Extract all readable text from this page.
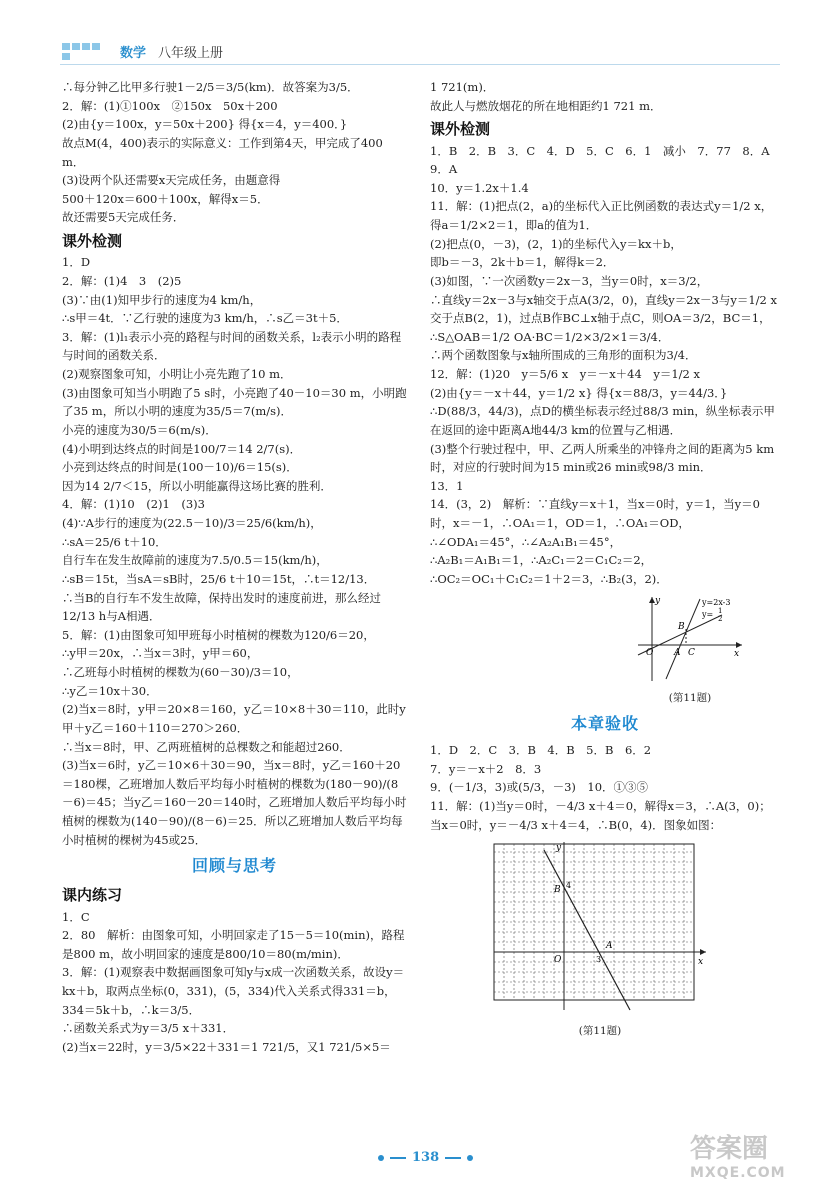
数学 八年级上册

∴每分钟乙比甲多行驶1－2/5＝3/5(km)．故答案为3/5．

2．解：(1)①100x　②150x　50x＋200

(2)由{y＝100x，y＝50x＋200} 得{x＝4，y＝400．}

故点M(4，400)表示的实际意义：工作到第4天，甲完成了400 m．

(3)设两个队还需要x天完成任务，由题意得

500＋120x＝600＋100x，解得x＝5．

故还需要5天完成任务．

课外检测

1．D

2．解：(1)4　3　(2)5

(3)∵由(1)知甲步行的速度为4 km/h，

∴s甲＝4t．∵乙行驶的速度为3 km/h，∴s乙＝3t＋5．

3．解：(1)l₁表示小亮的路程与时间的函数关系，l₂表示小明的路程与时间的函数关系．

(2)观察图象可知，小明让小亮先跑了10 m．

(3)由图象可知当小明跑了5 s时，小亮跑了40－10＝30 m，小明跑了35 m，所以小明的速度为35/5＝7(m/s)．

小亮的速度为30/5＝6(m/s)．

(4)小明到达终点的时间是100/7＝14 2/7(s)．

小亮到达终点的时间是(100－10)/6＝15(s)．

因为14 2/7＜15，所以小明能赢得这场比赛的胜利．

4．解：(1)10　(2)1　(3)3

(4)∵A步行的速度为(22.5－10)/3＝25/6(km/h)，

∴sA＝25/6 t＋10．

自行车在发生故障前的速度为7.5/0.5＝15(km/h)，

∴sB＝15t，当sA＝sB时，25/6 t＋10＝15t，∴t＝12/13．

∴当B的自行车不发生故障，保持出发时的速度前进，那么经过12/13 h与A相遇．

5．解：(1)由图象可知甲班每小时植树的棵数为120/6＝20，

∴y甲＝20x，∴当x＝3时，y甲＝60，

∴乙班每小时植树的棵数为(60－30)/3＝10，

∴y乙＝10x＋30．

(2)当x＝8时，y甲＝20×8＝160，y乙＝10×8＋30＝110，此时y甲＋y乙＝160＋110＝270＞260．

∴当x＝8时，甲、乙两班植树的总棵数之和能超过260．

(3)当x＝6时，y乙＝10×6＋30＝90，当x＝8时，y乙＝160＋20＝180棵，乙班增加人数后平均每小时植树的棵数为(180－90)/(8－6)＝45；当y乙＝160－20＝140时，乙班增加人数后平均每小时植树的棵数为(140－90)/(8－6)＝25．所以乙班增加人数后平均每小时植树的棵树为45或25．

回顾与思考
课内练习

1．C

2．80　解析：由图象可知，小明回家走了15－5＝10(min)，路程是800 m，故小明回家的速度是800/10＝80(m/min)．

3．解：(1)观察表中数据画图象可知y与x成一次函数关系，故设y＝kx＋b，取两点坐标(0，331)，(5，334)代入关系式得331＝b，334＝5k＋b，∴k＝3/5．

∴函数关系式为y＝3/5 x＋331．

(2)当x＝22时，y＝3/5×22＋331＝1 721/5，又1 721/5×5＝

1 721(m)．

故此人与燃放烟花的所在地相距约1 721 m．

课外检测

1．B　2．B　3．C　4．D　5．C　6．1　减小　7．77　8．A　9．A

10．y＝1.2x＋1.4

11．解：(1)把点(2，a)的坐标代入正比例函数的表达式y＝1/2 x，得a＝1/2×2＝1，即a的值为1．

(2)把点(0，－3)，(2，1)的坐标代入y＝kx＋b，

即b＝－3，2k＋b＝1，解得k＝2．

(3)如图，∵一次函数y＝2x－3，当y＝0时，x＝3/2，

∴直线y＝2x－3与x轴交于点A(3/2，0)，直线y＝2x－3与y＝1/2 x交于点B(2，1)，过点B作BC⊥x轴于点C，则OA＝3/2，BC＝1，

∴S△OAB＝1/2 OA·BC＝1/2×3/2×1＝3/4．

∴两个函数图象与x轴所围成的三角形的面积为3/4．

12．解：(1)20　y＝5/6 x　y＝－x＋44　y＝1/2 x

(2)由{y＝－x＋44，y＝1/2 x} 得{x＝88/3，y＝44/3．}

∴D(88/3，44/3)，点D的横坐标表示经过88/3 min，纵坐标表示甲在返回的途中距离A地44/3 km的位置与乙相遇．

(3)整个行驶过程中，甲、乙两人所乘坐的冲锋舟之间的距离为5 km时，对应的行驶时间为15 min或26 min或98/3 min．

13．1

14．(3，2)　解析：∵直线y＝x＋1，当x＝0时，y＝1，当y＝0时，x＝－1，∴OA₁＝1，OD＝1，∴OA₁＝OD，

∴∠ODA₁＝45°，∴∠A₂A₁B₁＝45°，

∴A₂B₁＝A₁B₁＝1，∴A₂C₁＝2＝C₁C₂＝2，

∴OC₂＝OC₁＋C₁C₂＝1＋2＝3，∴B₂(3，2)．

O
y
x
A
B
C
y=2x-3
y= 1
2
(第11题)
本章验收

1．D　2．C　3．B　4．B　5．B　6．2

7．y＝－x＋2　8．3

9．(－1/3，3)或(5/3，－3)　10．①③⑤

11．解：(1)当y＝0时，－4/3 x＋4＝0，解得x＝3，∴A(3，0)；当x＝0时，y＝－4/3 x＋4＝4，∴B(0，4)．图象如图：

O
y
x
B 4
3
A
(第11题)
138	答案圈
MXQE.COM
